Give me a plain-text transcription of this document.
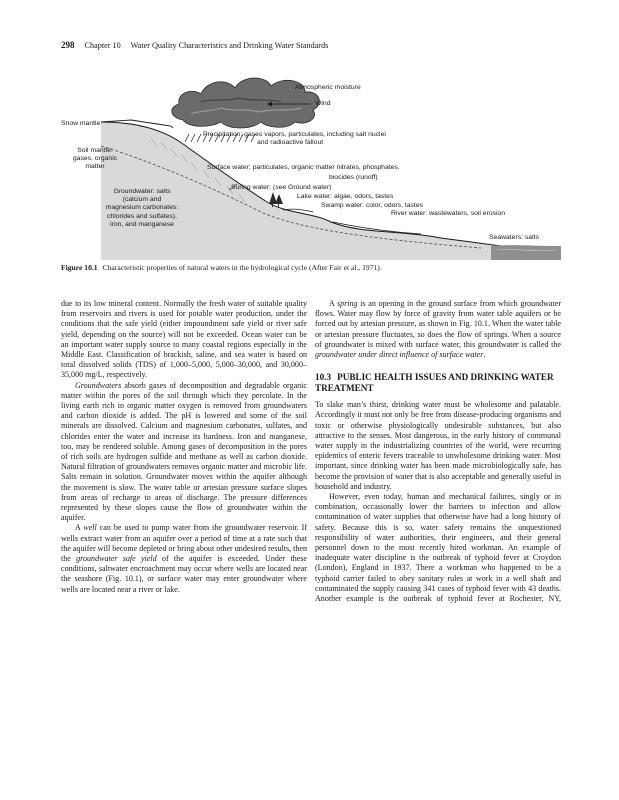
298 Chapter 10 Water Quality Characteristics and Drinking Water Standards
Atmospheric moisture
Wind
Snow mantle
Precipitation: gases vapors, particulates, including salt nuclei
and radioactive fallout
Soil mantle:
gases, organic
matter	Surface water; particulates, organic matter nitrates, phosphates,
biocides (runoff)
Suring water; (see Ground water)
Groundwater: salts
(calcium and
magnesium carbonates:
chlorides and sulfates),
iron, and manganese
Lake water: algae, odors, tastes
Swamp water: color, odors, tastes
River water: wastewaters, soil erosion
Seawaters: salts
Figure 10.1 Characteristic properties of natural waters in the hydrological cycle (After Fair et al., 1971).

due to its low mineral content. Normally the fresh water of suitable quality from reservoirs and rivers is used for potable water production, under the conditions that the safe yield (either impoundment safe yield or river safe yield, depending on the source) will not be exceeded. Ocean water can be an important water supply source to many coastal regions especially in the Middle East. Classification of brackish, saline, and sea water is based on total dissolved solids (TDS) of 1,000–5,000, 5,000–30,000, and 30,000–35,000 mg/L, respectively.

Groundwaters absorb gases of decomposition and degradable organic matter within the pores of the soil through which they percolate. In the living earth rich in organic matter oxygen is removed from groundwaters and carbon dioxide is added. The pH is lowered and some of the soil minerals are dissolved. Calcium and magnesium carbonates, sulfates, and chlorides enter the water and increase its hardness. Iron and manganese, too, may be rendered soluble. Among gases of decomposition in the pores of rich soils are hydrogen sulfide and methane as well as carbon dioxide. Natural filtration of groundwaters removes organic matter and microbic life. Salts remain in solution. Groundwater moves within the aquifer although the movement is slow. The water table or artesian pressure surface slopes from areas of recharge to areas of discharge. The pressure differences represented by these slopes cause the flow of groundwater within the aquifer.

A well can be used to pump water from the groundwater reservoir. If wells extract water from an aquifer over a period of time at a rate such that the aquifer will become depleted or bring about other undesired results, then the groundwater safe yield of the aquifer is exceeded. Under these conditions, saltwater encroachment may occur where wells are located near the seashore (Fig. 10.1), or surface water may enter groundwater where wells are located near a river or lake.

A spring is an opening in the ground surface from which groundwater flows. Water may flow by force of gravity from water table aquifers or be forced out by artesian pressure, as shown in Fig. 10.1. When the water table or artesian pressure fluctuates, so does the flow of springs. When a source of groundwater is mixed with surface water, this groundwater is called the groundwater under direct influence of surface water.

10.3 PUBLIC HEALTH ISSUES AND DRINKING WATER TREATMENT

To slake man’s thirst, drinking water must be wholesome and palatable. Accordingly it must not only be free from disease-producing organisms and toxic or otherwise physiologically undesirable substances, but also attractive to the senses. Most dangerous, in the early history of communal water supply in the industrializing countries of the world, were recurring epidemics of enteric fevers traceable to unwholesome drinking water. Most important, since drinking water has been made microbiologically safe, has become the provision of water that is also acceptable and generally useful in household and industry.

However, even today, human and mechanical failures, singly or in combination, occasionally lower the barriers to infection and allow contamination of water supplies that otherwise have had a long history of safety. Because this is so, water safety remains the unquestioned responsibility of water authorities, their engineers, and their general personnel down to the most recently hired workman. An example of inadequate water discipline is the outbreak of typhoid fever at Croydon (London), England in 1937. There a workman who happened to be a typhoid carrier failed to obey sanitary rules at work in a well shaft and contaminated the supply causing 341 cases of typhoid fever with 43 deaths. Another example is the outbreak of typhoid fever at Rochester, NY,
